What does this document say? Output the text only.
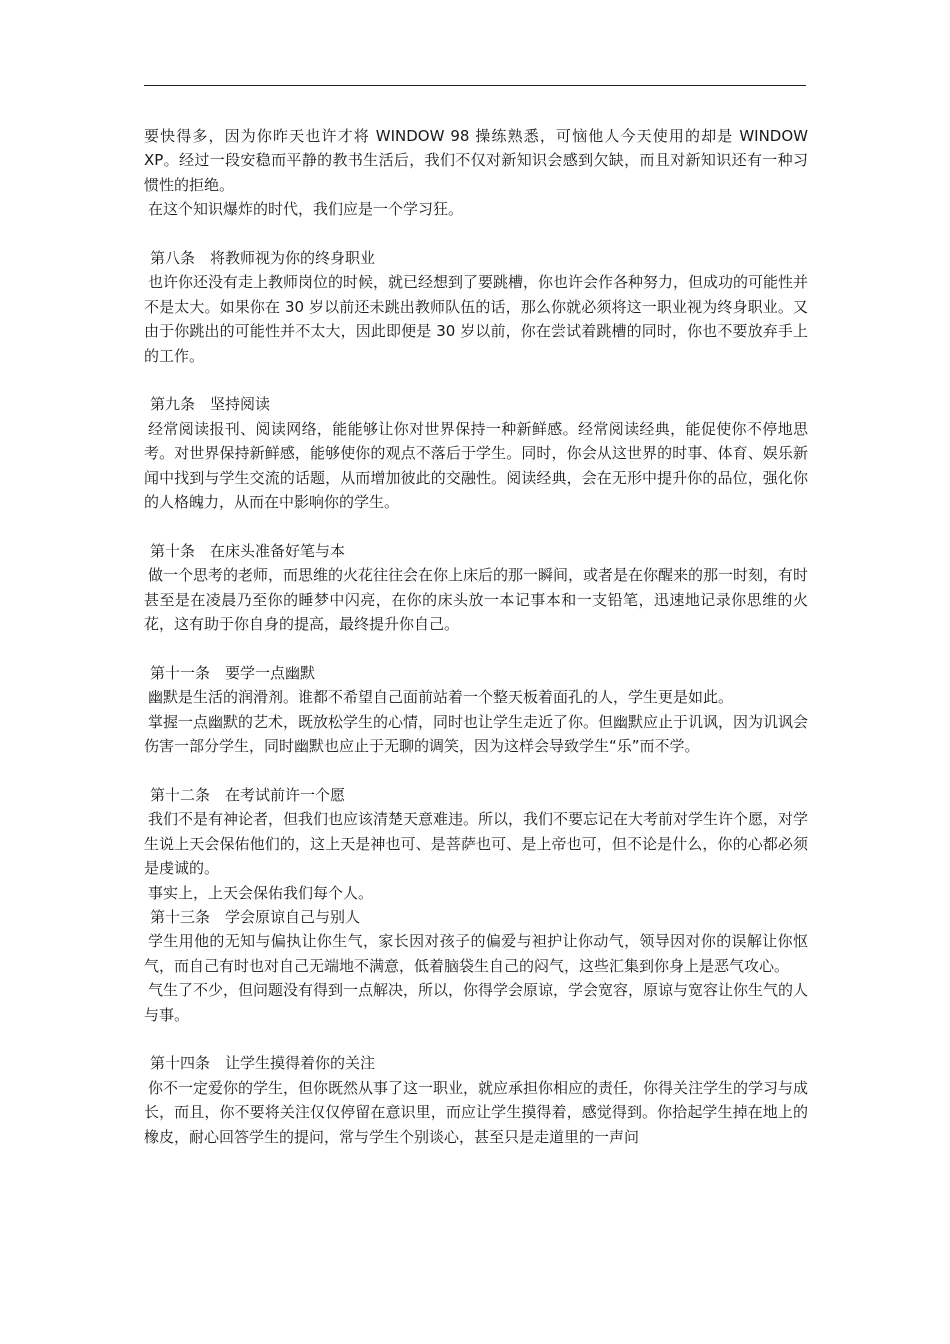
要快得多，因为你昨天也许才将 WINDOW 98 操练熟悉，可恼他人今天使用的却是 WINDOW XP。经过一段安稳而平静的教书生活后，我们不仅对新知识会感到欠缺，而且对新知识还有一种习惯性的拒绝。

在这个知识爆炸的时代，我们应是一个学习狂。

第八条　将教师视为你的终身职业

也许你还没有走上教师岗位的时候，就已经想到了要跳槽，你也许会作各种努力，但成功的可能性并不是太大。如果你在 30 岁以前还未跳出教师队伍的话，那么你就必须将这一职业视为终身职业。又由于你跳出的可能性并不太大，因此即便是 30 岁以前，你在尝试着跳槽的同时，你也不要放弃手上的工作。

第九条　坚持阅读

经常阅读报刊、阅读网络，能能够让你对世界保持一种新鲜感。经常阅读经典，能促使你不停地思考。对世界保持新鲜感，能够使你的观点不落后于学生。同时，你会从这世界的时事、体育、娱乐新闻中找到与学生交流的话题，从而增加彼此的交融性。阅读经典，会在无形中提升你的品位，强化你的人格魄力，从而在中影响你的学生。

第十条　在床头准备好笔与本

做一个思考的老师，而思维的火花往往会在你上床后的那一瞬间，或者是在你醒来的那一时刻，有时甚至是在凌晨乃至你的睡梦中闪亮，在你的床头放一本记事本和一支铅笔，迅速地记录你思维的火花，这有助于你自身的提高，最终提升你自己。

第十一条　要学一点幽默

幽默是生活的润滑剂。谁都不希望自己面前站着一个整天板着面孔的人，学生更是如此。

掌握一点幽默的艺术，既放松学生的心情，同时也让学生走近了你。但幽默应止于讥讽，因为讥讽会伤害一部分学生，同时幽默也应止于无聊的调笑，因为这样会导致学生“乐”而不学。

第十二条　在考试前许一个愿

我们不是有神论者，但我们也应该清楚天意难违。所以，我们不要忘记在大考前对学生许个愿，对学生说上天会保佑他们的，这上天是神也可、是菩萨也可、是上帝也可，但不论是什么，你的心都必须是虔诚的。

事实上，上天会保佑我们每个人。

第十三条　学会原谅自己与别人

学生用他的无知与偏执让你生气，家长因对孩子的偏爱与袒护让你动气，领导因对你的误解让你怄气，而自己有时也对自己无端地不满意，低着脑袋生自己的闷气，这些汇集到你身上是恶气攻心。

气生了不少，但问题没有得到一点解决，所以，你得学会原谅，学会宽容，原谅与宽容让你生气的人与事。

第十四条　让学生摸得着你的关注

你不一定爱你的学生，但你既然从事了这一职业，就应承担你相应的责任，你得关注学生的学习与成长，而且，你不要将关注仅仅停留在意识里，而应让学生摸得着，感觉得到。你拾起学生掉在地上的橡皮，耐心回答学生的提问，常与学生个别谈心，甚至只是走道里的一声问
